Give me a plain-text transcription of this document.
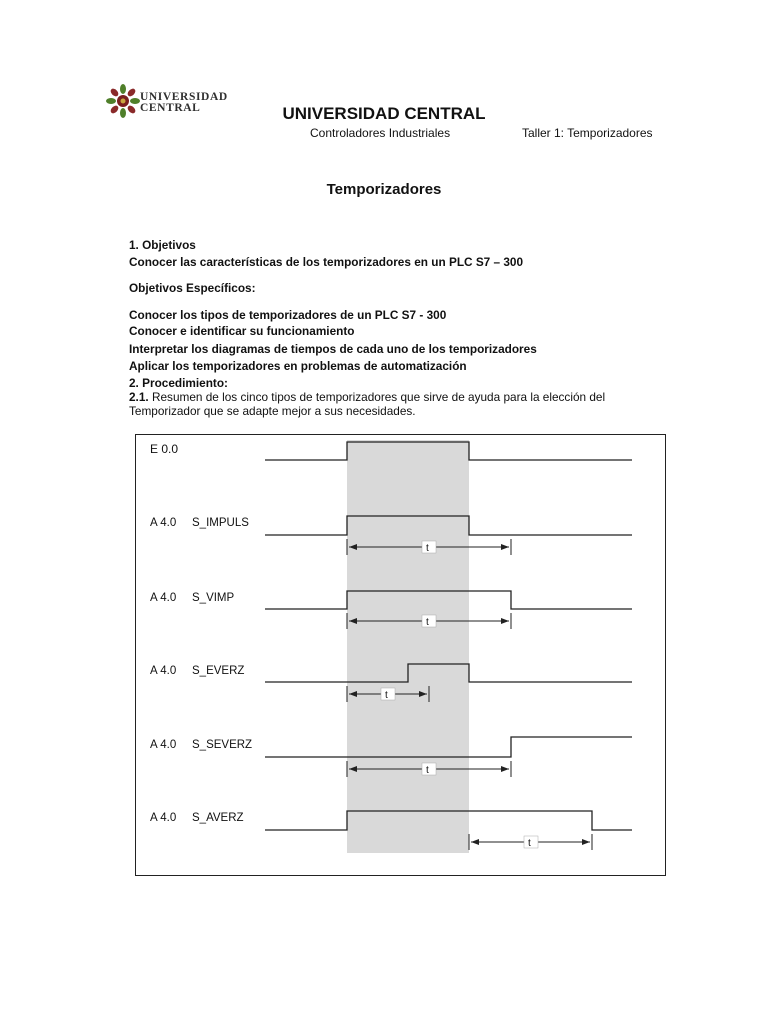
UNIVERSIDAD
CENTRAL	UNIVERSIDAD CENTRAL
Controladores Industriales	Taller 1: Temporizadores
Temporizadores
1. Objetivos
Conocer las características de los temporizadores en un PLC S7 – 300
Objetivos Específicos:
Conocer los tipos de temporizadores de un PLC S7 - 300
Conocer e identificar su funcionamiento
Interpretar los diagramas de tiempos de cada uno de los temporizadores
Aplicar los temporizadores en problemas de automatización
2. Procedimiento:
2.1. Resumen de los cinco tipos de temporizadores que sirve de ayuda para la elección del
Temporizador que se adapte mejor a sus necesidades.
E 0.0
A 4.0 S_IMPULS
A 4.0 S_VIMP
A 4.0 S_EVERZ
A 4.0 S_SEVERZ
A 4.0 S_AVERZ
t
t
t
t
t
